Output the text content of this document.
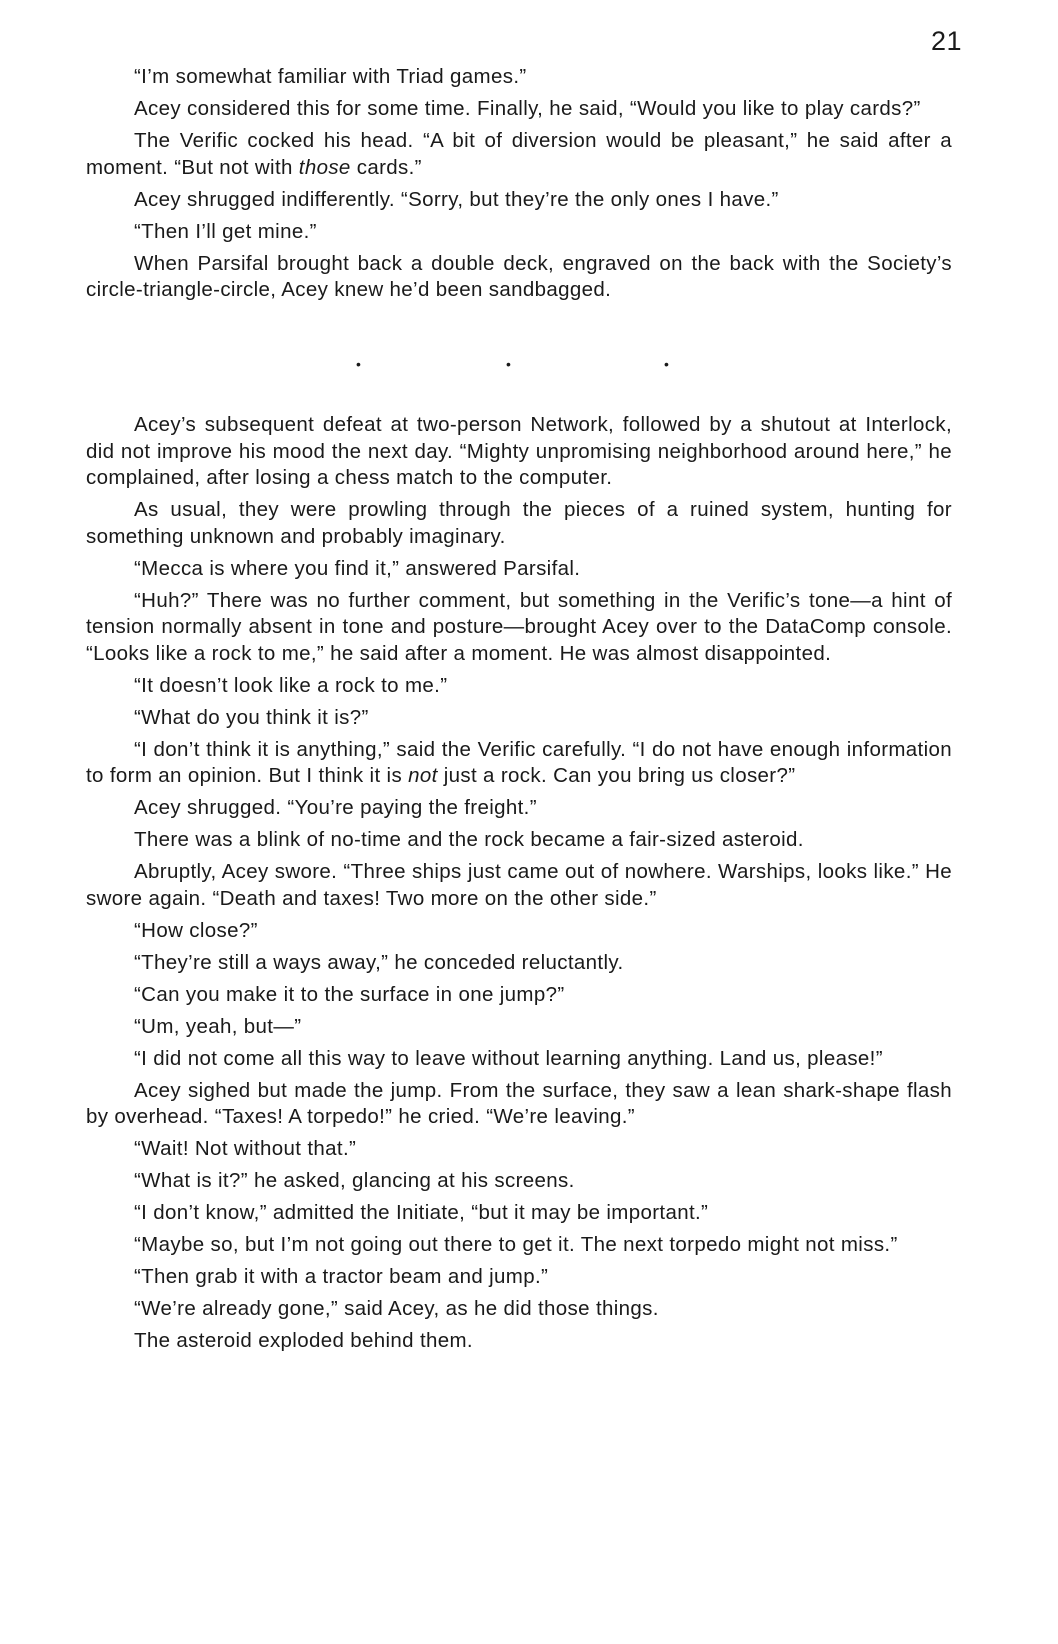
21

“I’m somewhat familiar with Triad games.”

Acey considered this for some time. Finally, he said, “Would you like to play cards?”

The Verific cocked his head. “A bit of diversion would be pleasant,” he said after a moment. “But not with those cards.”

Acey shrugged indifferently. “Sorry, but they’re the only ones I have.”

“Then I’ll get mine.”

When Parsifal brought back a double deck, engraved on the back with the Society’s circle-triangle-circle, Acey knew he’d been sandbagged.

•	•	•

Acey’s subsequent defeat at two-person Network, followed by a shutout at Interlock, did not improve his mood the next day. “Mighty unpromising neighborhood around here,” he complained, after losing a chess match to the computer.

As usual, they were prowling through the pieces of a ruined system, hunting for something unknown and probably imaginary.

“Mecca is where you find it,” answered Parsifal.

“Huh?” There was no further comment, but something in the Verific’s tone—a hint of tension normally absent in tone and posture—brought Acey over to the DataComp console. “Looks like a rock to me,” he said after a moment. He was almost disappointed.

“It doesn’t look like a rock to me.”

“What do you think it is?”

“I don’t think it is anything,” said the Verific carefully. “I do not have enough information to form an opinion. But I think it is not just a rock. Can you bring us closer?”

Acey shrugged. “You’re paying the freight.”

There was a blink of no-time and the rock became a fair-sized asteroid.

Abruptly, Acey swore. “Three ships just came out of nowhere. Warships, looks like.” He swore again. “Death and taxes! Two more on the other side.”

“How close?”

“They’re still a ways away,” he conceded reluctantly.

“Can you make it to the surface in one jump?”

“Um, yeah, but—”

“I did not come all this way to leave without learning anything. Land us, please!”

Acey sighed but made the jump. From the surface, they saw a lean shark-shape flash by overhead. “Taxes! A torpedo!” he cried. “We’re leaving.”

“Wait! Not without that.”

“What is it?” he asked, glancing at his screens.

“I don’t know,” admitted the Initiate, “but it may be important.”

“Maybe so, but I’m not going out there to get it. The next torpedo might not miss.”

“Then grab it with a tractor beam and jump.”

“We’re already gone,” said Acey, as he did those things.

The asteroid exploded behind them.
